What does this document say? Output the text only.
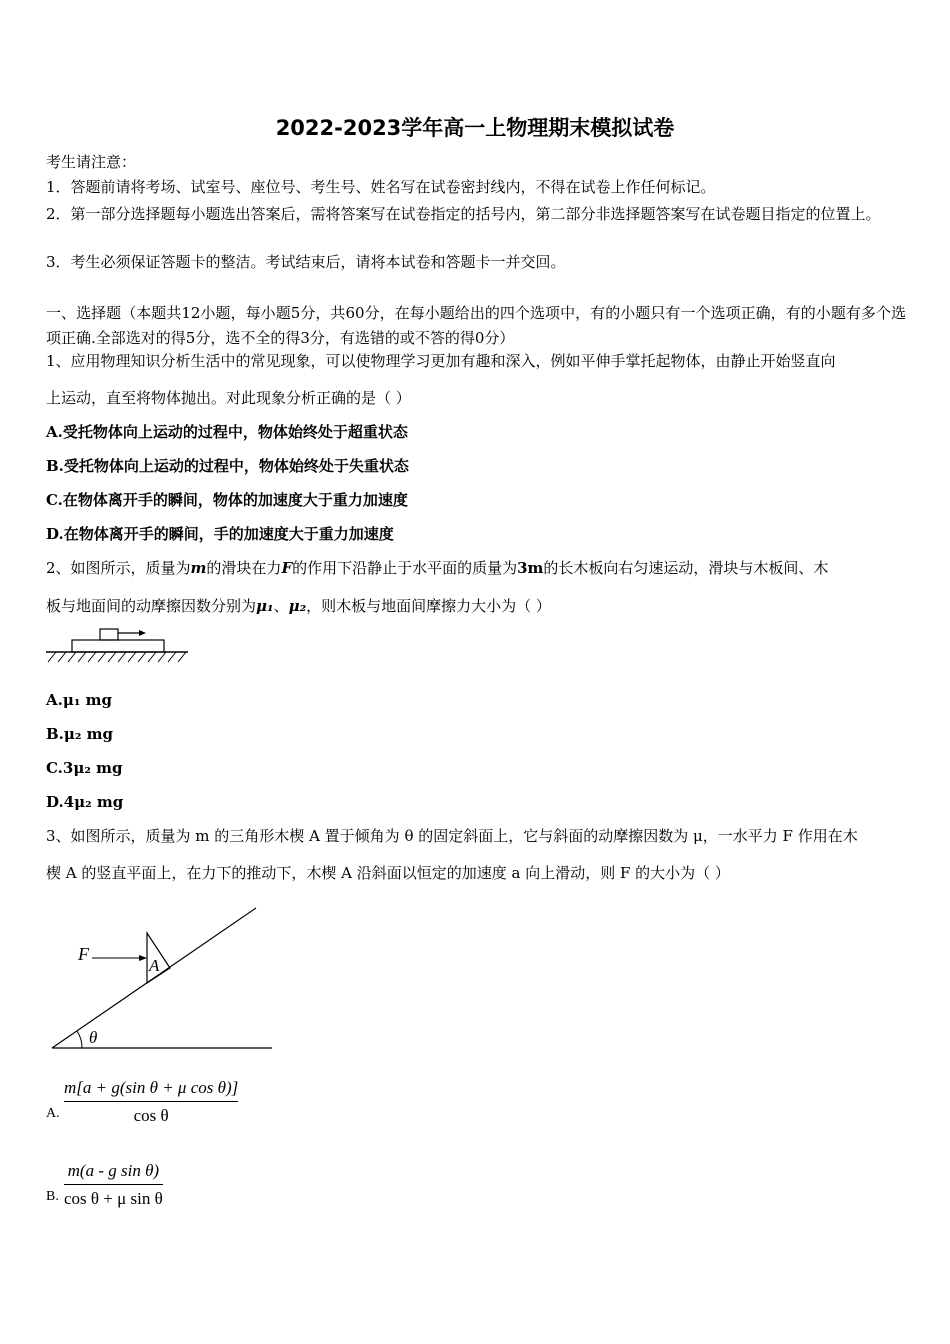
2022-2023学年高一上物理期末模拟试卷
考生请注意：
1．答题前请将考场、试室号、座位号、考生号、姓名写在试卷密封线内，不得在试卷上作任何标记。
2．第一部分选择题每小题选出答案后，需将答案写在试卷指定的括号内，第二部分非选择题答案写在试卷题目指定的位置上。
3．考生必须保证答题卡的整洁。考试结束后，请将本试卷和答题卡一并交回。
一、选择题（本题共12小题，每小题5分，共60分，在每小题给出的四个选项中，有的小题只有一个选项正确，有的小题有多个选项正确.全部选对的得5分，选不全的得3分，有选错的或不答的得0分）
1、应用物理知识分析生活中的常见现象，可以使物理学习更加有趣和深入，例如平伸手掌托起物体，由静止开始竖直向
上运动，直至将物体抛出。对此现象分析正确的是（ ）
A.受托物体向上运动的过程中，物体始终处于超重状态
B.受托物体向上运动的过程中，物体始终处于失重状态
C.在物体离开手的瞬间，物体的加速度大于重力加速度
D.在物体离开手的瞬间，手的加速度大于重力加速度
2、如图所示，质量为m的滑块在力F的作用下沿静止于水平面的质量为3m的长木板向右匀速运动，滑块与木板间、木
板与地面间的动摩擦因数分别为μ₁、μ₂，则木板与地面间摩擦力大小为（ ）
A.μ₁ mg
B.μ₂ mg
C.3μ₂ mg
D.4μ₂ mg
3、如图所示，质量为 m 的三角形木楔 A 置于倾角为 θ 的固定斜面上，它与斜面的动摩擦因数为 μ，一水平力 F 作用在木
楔 A 的竖直平面上，在力下的推动下，木楔 A 沿斜面以恒定的加速度 a 向上滑动，则 F 的大小为（ ）
F
A
θ
A.
m[a + g(sin θ + μ cos θ)]
cos θ
B.
m(a - g sin θ)
cos θ + μ sin θ
